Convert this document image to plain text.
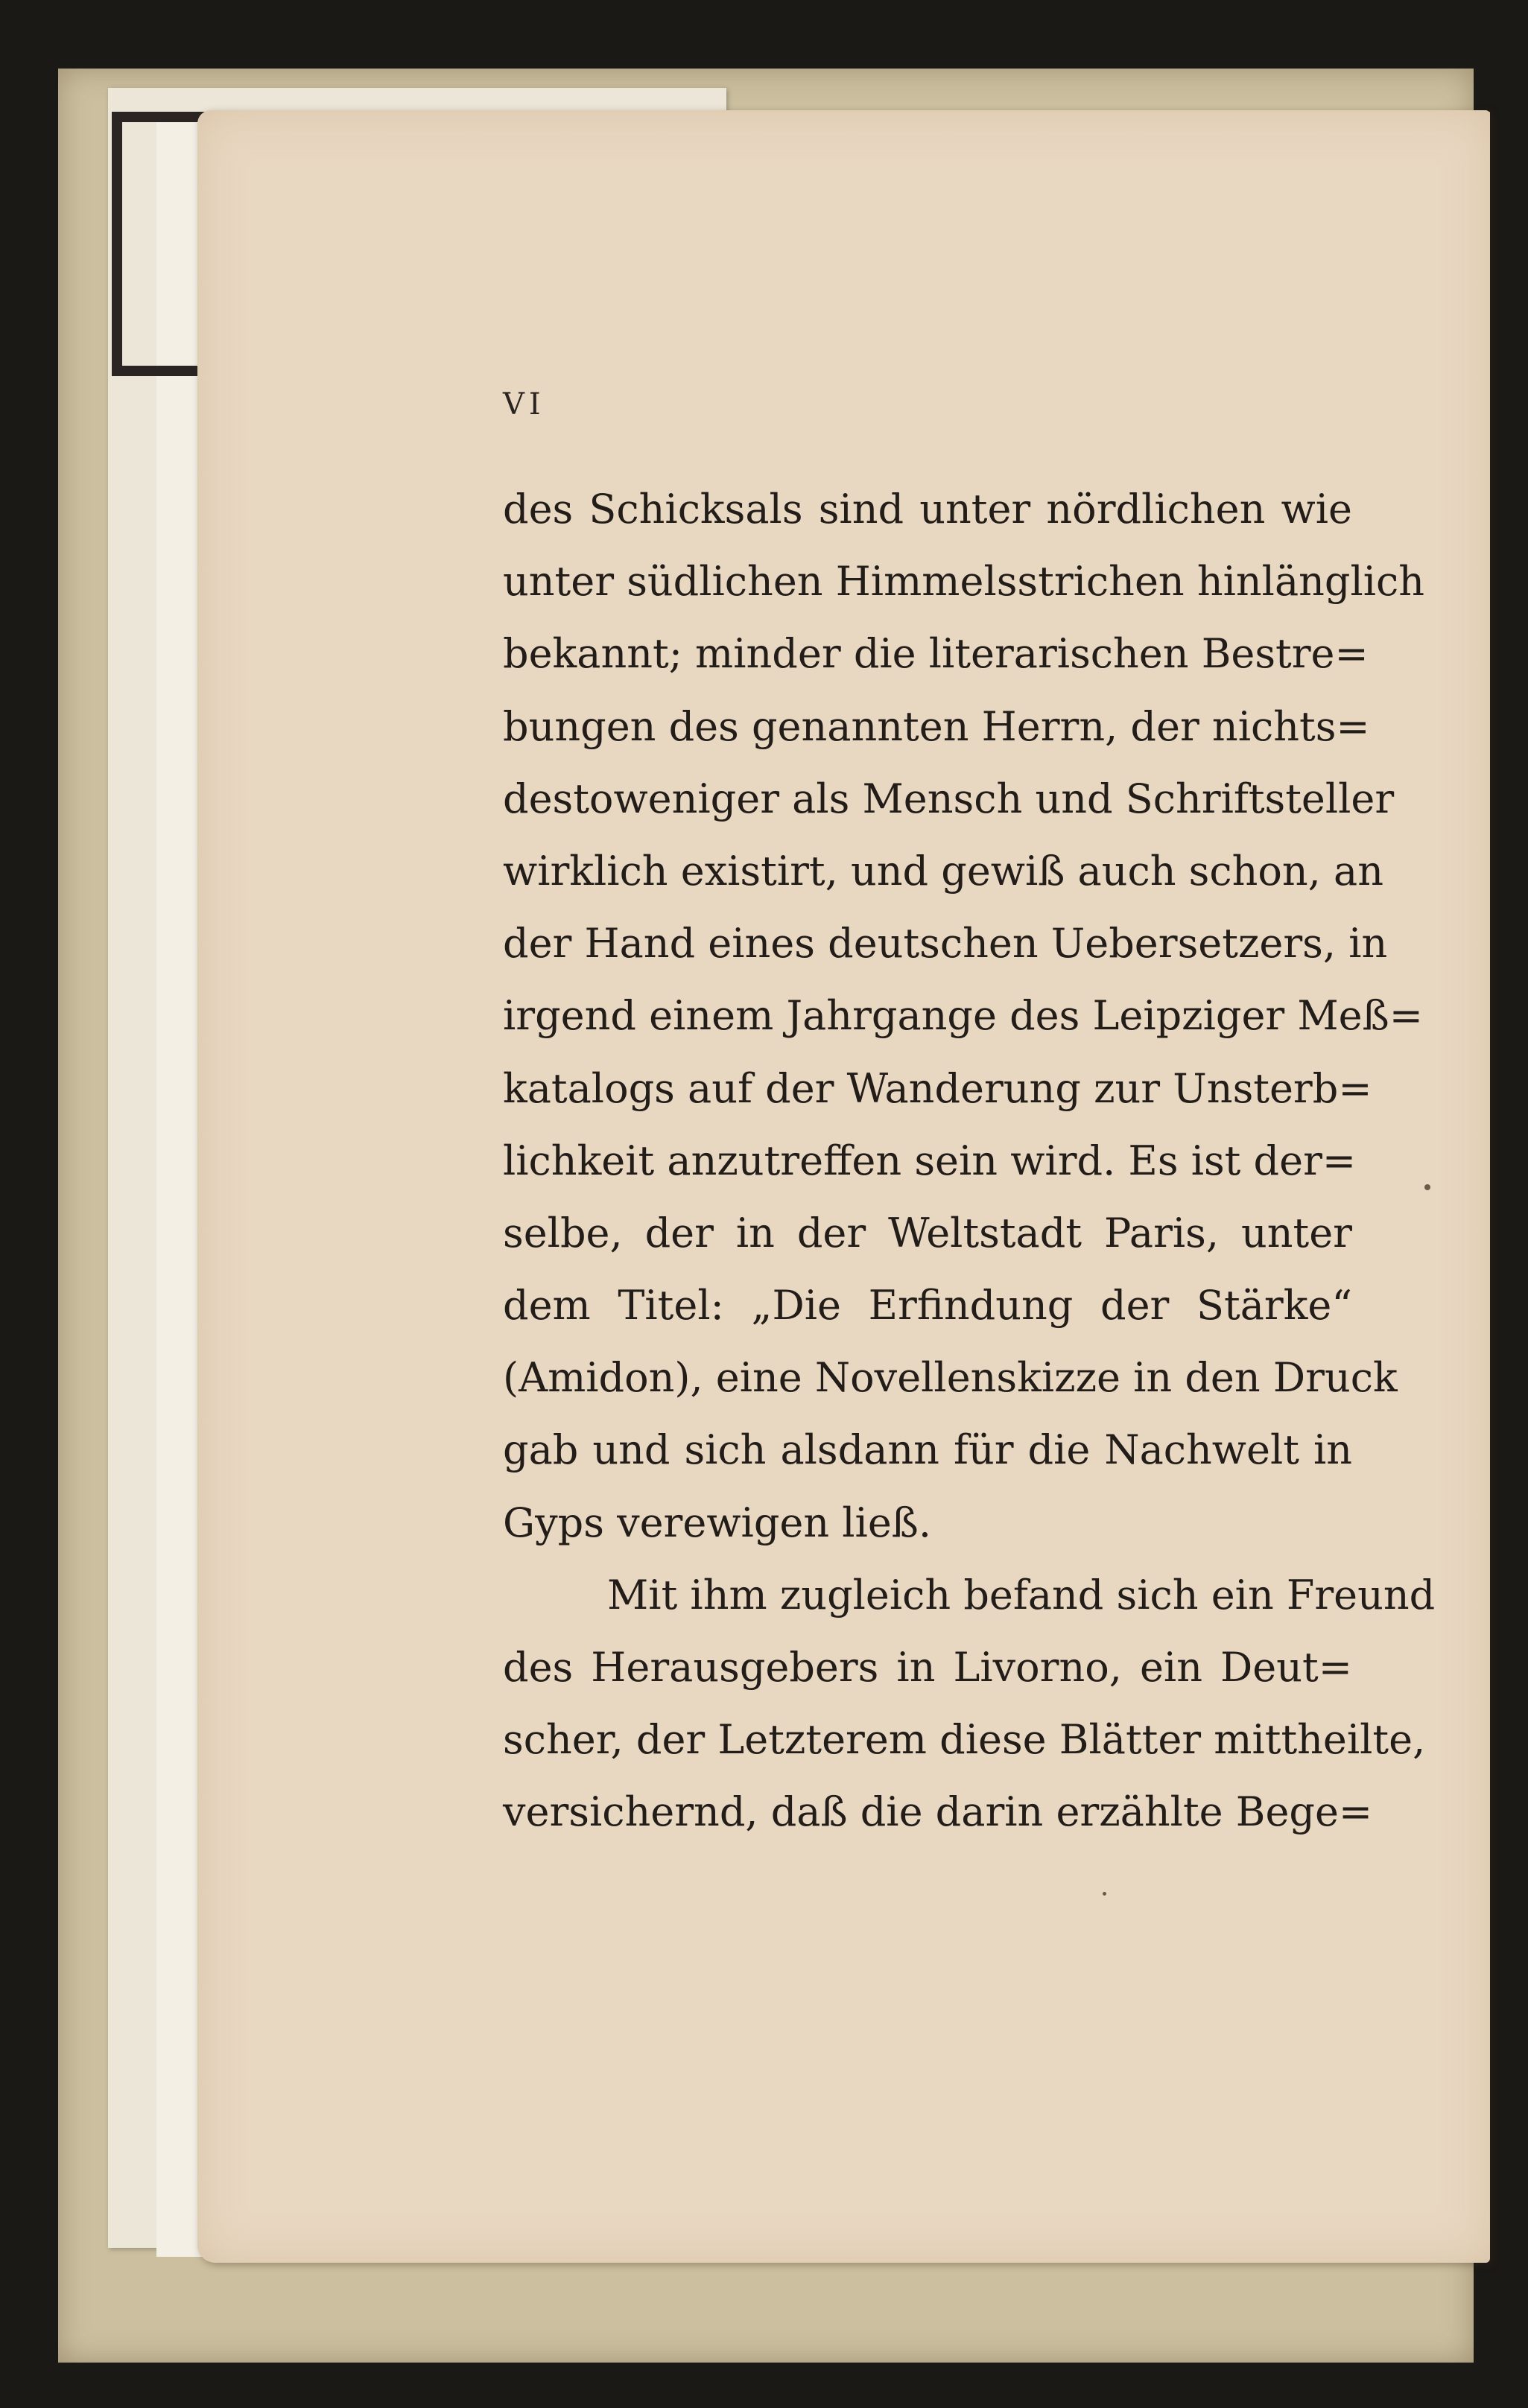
VI
des Schicksals sind unter nördlichen wie
unter südlichen Himmelsstrichen hinlänglich
bekannt; minder die literarischen Bestre=
bungen des genannten Herrn, der nichts=
destoweniger als Mensch und Schriftsteller
wirklich existirt, und gewiß auch schon, an
der Hand eines deutschen Uebersetzers, in
irgend einem Jahrgange des Leipziger Meß=
katalogs auf der Wanderung zur Unsterb=
lichkeit anzutreffen sein wird. Es ist der=
selbe, der in der Weltstadt Paris, unter
dem Titel: „Die Erfindung der Stärke“
(Amidon), eine Novellenskizze in den Druck
gab und sich alsdann für die Nachwelt in
Gyps verewigen ließ.
Mit ihm zugleich befand sich ein Freund
des Herausgebers in Livorno, ein Deut=
scher, der Letzterem diese Blätter mittheilte,
versichernd, daß die darin erzählte Bege=
